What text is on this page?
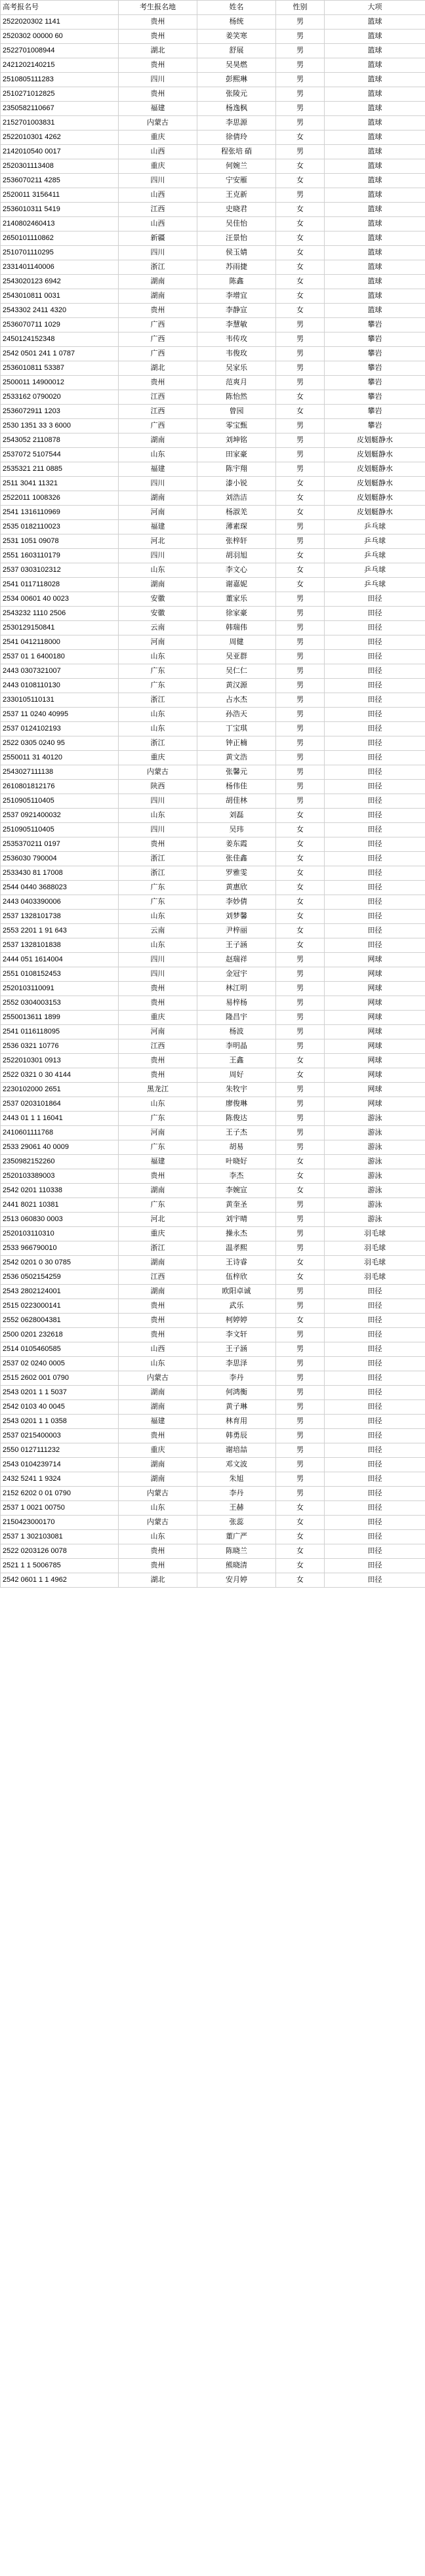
高考报名号	考生报名地	姓名	性别	大项
2522020302 1141	贵州	杨统	男	篮球
2520302 00000 60	贵州	姜笑寒	男	篮球
2522701008944	湖北	舒展	男	篮球
2421202140215	贵州	吴昊燃	男	篮球
2510805111283	四川	彭熙琳	男	篮球
2510271012825	贵州	张陵元	男	篮球
2350582110667	福建	杨逸枫	男	篮球
2152701003831	内蒙古	李思源	男	篮球
2522010301 4262	重庆	徐倩玲	女	篮球
2142010540 0017	山西	程张培 硝	男	篮球
2520301113408	重庆	何婉兰	女	篮球
2536070211 4285	四川	宁安雁	女	篮球
2520011 3156411	山西	王克新	男	篮球
2536010311 5419	江西	史晓君	女	篮球
2140802460413	山西	吴佳怡	女	篮球
2650101110862	新疆	汪景怡	女	篮球
2510701110295	四川	侯玉婧	女	篮球
2331401140006	浙江	苏雨捷	女	篮球
2543020123 6942	湖南	陈鑫	女	篮球
2543010811 0031	湖南	李增宜	女	篮球
2543302 2411 4320	贵州	李静宣	女	篮球
2536070711 1029	广西	李慧敏	男	攀岩
2450124152348	广西	韦传攻	男	攀岩
2542 0501 241 1 0787	广西	韦俊玫	男	攀岩
2536010811 53387	湖北	吴家乐	男	攀岩
2500011 14900012	贵州	范爽月	男	攀岩
2533162 0790020	江西	陈怡然	女	攀岩
2536072911 1203	江西	曾园	女	攀岩
2530 1351 33 3 6000	广西	零宝甄	男	攀岩
2543052 2110878	湖南	刘坤铭	男	皮划艇静水
2537072 5107544	山东	田家豪	男	皮划艇静水
2535321 211 0885	福建	陈宇翔	男	皮划艇静水
2511 3041 11321	四川	漆小锐	女	皮划艇静水
2522011 1008326	湖南	刘浩洁	女	皮划艇静水
2541 1316110969	河南	杨淑羌	女	皮划艇静水
2535 0182110023	福建	薄素琛	男	乒乓球
2531 1051 09078	河北	张梓轩	男	乒乓球
2551 1603110179	四川	胡羽旭	女	乒乓球
2537 0303102312	山东	李文心	女	乒乓球
2541 0117118028	湖南	谢嘉妮	女	乒乓球
2534 00601 40 0023	安徽	董家乐	男	田径
2543232 1110 2506	安徽	徐家豪	男	田径
2530129150841	云南	韩瑞伟	男	田径
2541 0412118000	河南	周健	男	田径
2537 01 1 6400180	山东	吴亚群	男	田径
2443 0307321007	广东	吴仁仁	男	田径
2443 0108110130	广东	黄汉源	男	田径
2330105110131	浙江	占水杰	男	田径
2537 11 0240 40995	山东	孙浩天	男	田径
2537 0124102193	山东	丁宝琪	男	田径
2522 0305 0240 95	浙江	钟正楠	男	田径
2550011 31 40120	重庆	黄文浩	男	田径
2543027111138	内蒙古	张馨元	男	田径
2610801812176	陕西	杨伟佳	男	田径
2510905110405	四川	胡佳林	男	田径
2537 0921400032	山东	刘磊	女	田径
2510905110405	四川	吴玮	女	田径
2535370211 0197	贵州	姜东霞	女	田径
2536030 790004	浙江	张佳鑫	女	田径
2533430 81 17008	浙江	罗雅雯	女	田径
2544 0440 3688023	广东	黄惠欣	女	田径
2443 0403390006	广东	李妙倩	女	田径
2537 1328101738	山东	刘梦馨	女	田径
2553 2201 1 91 643	云南	尹梓丽	女	田径
2537 1328101838	山东	王子涵	女	田径
2444 051 1614004	四川	赵瑞祥	男	网球
2551 0108152453	四川	金冠宇	男	网球
2520103110091	贵州	林江明	男	网球
2552 0304003153	贵州	易梓杨	男	网球
2550013611 1899	重庆	隆昌宇	男	网球
2541 0116118095	河南	杨波	男	网球
2536 0321 10776	江西	李明晶	男	网球
2522010301 0913	贵州	王鑫	女	网球
2522 0321 0 30 4144	贵州	周好	女	网球
2230102000 2651	黑龙江	朱牧宇	男	网球
2537 0203101864	山东	廖俊琳	男	网球
2443 01 1 1 16041	广东	陈俊达	男	游泳
2410601111768	河南	王子杰	男	游泳
2533 29061 40 0009	广东	胡易	男	游泳
2350982152260	福建	叶晓好	女	游泳
2520103389003	贵州	李杰	女	游泳
2542 0201 110338	湖南	李婉宣	女	游泳
2441 8021 10381	广东	黄奎圣	男	游泳
2513 060830 0003	河北	刘宇晴	男	游泳
2520103110310	重庆	操永杰	男	羽毛球
2533 966790010	浙江	温孝熙	男	羽毛球
2542 0201 0 30 0785	湖南	王诗睿	女	羽毛球
2536 0502154259	江西	伍梓欣	女	羽毛球
2543 2802124001	湖南	欧阳卓诚	男	田径
2515 0223000141	贵州	武乐	男	田径
2552 0628004381	贵州	柯婷婷	女	田径
2500 0201 232618	贵州	李文轩	男	田径
2514 0105460585	山西	王子涵	男	田径
2537 02 0240 0005	山东	李思泽	男	田径
2515 2602 001 0790	内蒙古	李丹	男	田径
2543 0201 1 1 5037	湖南	何鸿衡	男	田径
2542 0103 40 0045	湖南	黄子琳	男	田径
2543 0201 1 1 0358	福建	林育用	男	田径
2537 0215400003	贵州	韩勇辰	男	田径
2550 0127111232	重庆	谢培喆	男	田径
2543 0104239714	湖南	邓文波	男	田径
2432 5241 1 9324	湖南	朱旭	男	田径
2152 6202 0 01 0790	内蒙古	李丹	男	田径
2537 1 0021 00750	山东	王赫	女	田径
2150423000170	内蒙古	张蕊	女	田径
2537 1 302103081	山东	董广严	女	田径
2522 0203126 0078	贵州	陈晓兰	女	田径
2521 1 1 5006785	贵州	熊晓清	女	田径
2542 0601 1 1 4962	湖北	安月婷	女	田径
